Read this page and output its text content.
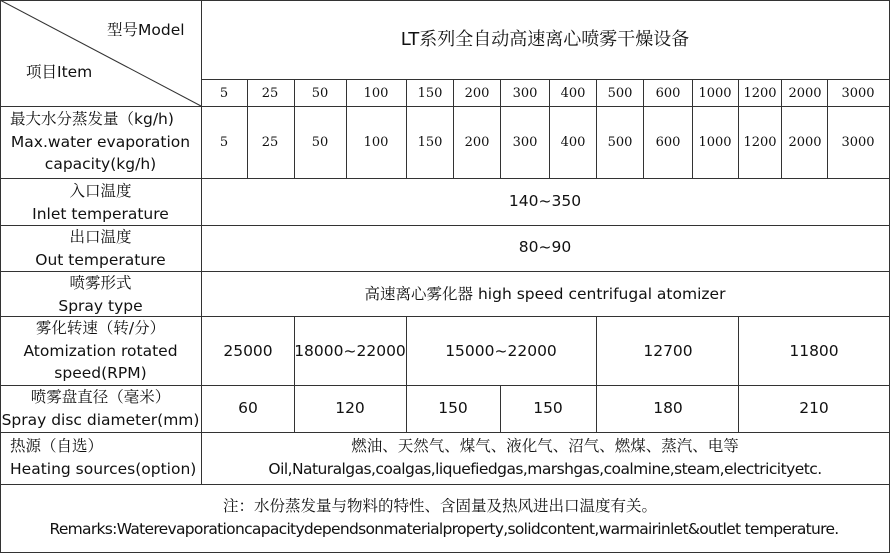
型号Model
项目Item
LT系列全自动高速离心喷雾干燥设备
5	25	50	100 150 200 300 400 500 600 1000 1200 2000 3000
最大水分蒸发量（kg/h)
Max.water evaporation
capacity(kg/h)
5	25	50	100 150 200 300 400 500 600 1000 1200 2000 3000
入口温度
Inlet temperature
140~350
出口温度
Out temperature
80~90
喷雾形式
Spray type
高速离心雾化器 high speed centrifugal atomizer
雾化转速（转/分）
Atomization rotated
speed(RPM)
25000 18000~22000	15000~22000	12700	11800
喷雾盘直径（毫米）
Spray disc diameter(mm)
60	120	150	150	180	210
热源（自选）
Heating sources(option)
燃油、天然气、煤气、液化气、沼气、燃煤、蒸汽、电等
Oil,Naturalgas,coalgas,liquefiedgas,marshgas,coalmine,steam,electricityetc.
注：水份蒸发量与物料的特性、含固量及热风进出口温度有关。
Remarks:Waterevaporationcapacitydependsonmaterialproperty,solidcontent,warmairinlet&outlet temperature.
